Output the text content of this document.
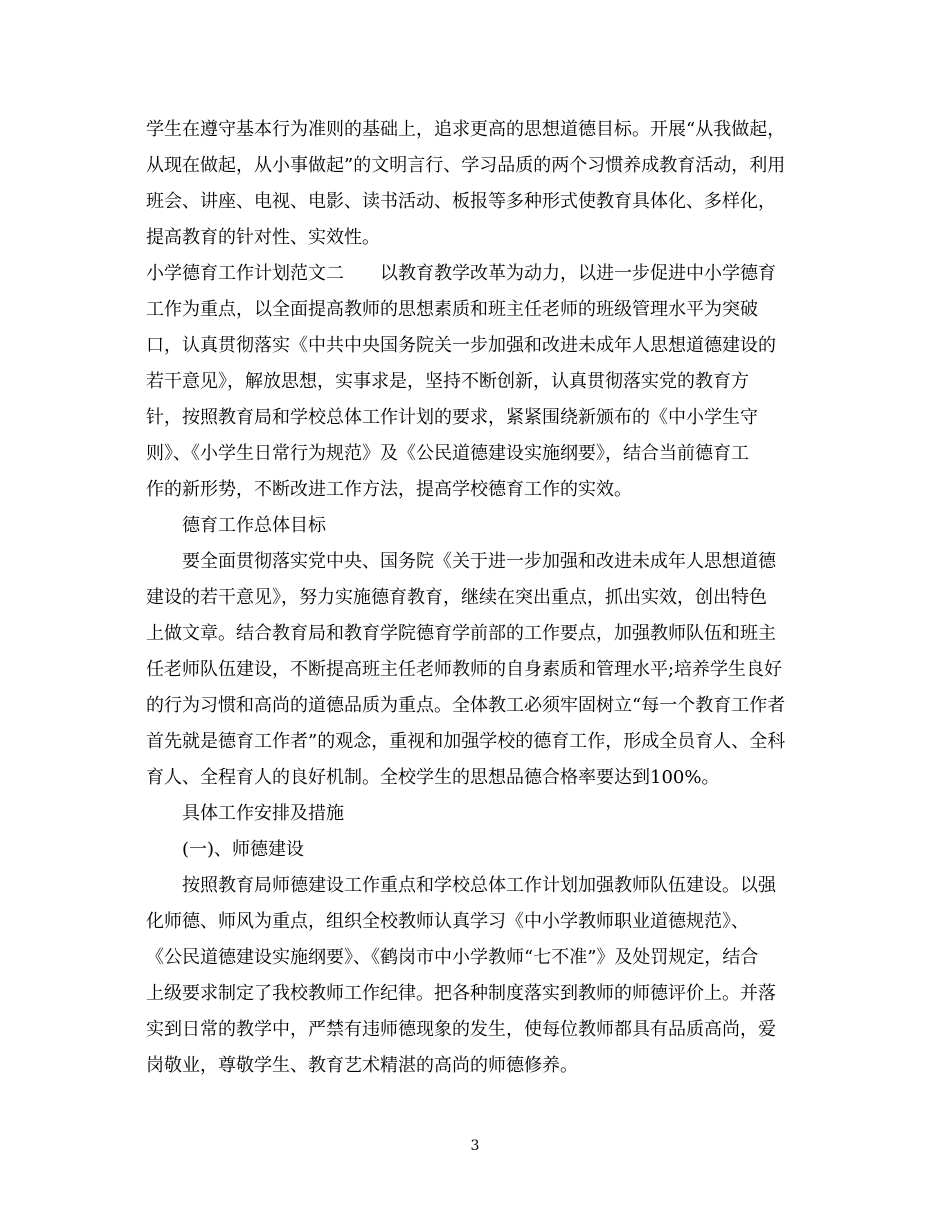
学生在遵守基本行为准则的基础上，追求更高的思想道德目标。开展“从我做起，
从现在做起，从小事做起”的文明言行、学习品质的两个习惯养成教育活动，利用
班会、讲座、电视、电影、读书活动、板报等多种形式使教育具体化、多样化，
提高教育的针对性、实效性。
小学德育工作计划范文二　　以教育教学改革为动力，以进一步促进中小学德育
工作为重点，以全面提高教师的思想素质和班主任老师的班级管理水平为突破
口，认真贯彻落实《中共中央国务院关一步加强和改进未成年人思想道德建设的
若干意见》，解放思想，实事求是，坚持不断创新，认真贯彻落实党的教育方
针，按照教育局和学校总体工作计划的要求，紧紧围绕新颁布的《中小学生守
则》、《小学生日常行为规范》及《公民道德建设实施纲要》，结合当前德育工
作的新形势，不断改进工作方法，提高学校德育工作的实效。
德育工作总体目标
要全面贯彻落实党中央、国务院《关于进一步加强和改进未成年人思想道德
建设的若干意见》，努力实施德育教育，继续在突出重点，抓出实效，创出特色
上做文章。结合教育局和教育学院德育学前部的工作要点，加强教师队伍和班主
任老师队伍建设，不断提高班主任老师教师的自身素质和管理水平;培养学生良好
的行为习惯和高尚的道德品质为重点。全体教工必须牢固树立“每一个教育工作者
首先就是德育工作者”的观念，重视和加强学校的德育工作，形成全员育人、全科
育人、全程育人的良好机制。全校学生的思想品德合格率要达到100%。
具体工作安排及措施
(一)、师德建设
按照教育局师德建设工作重点和学校总体工作计划加强教师队伍建设。以强
化师德、师风为重点，组织全校教师认真学习《中小学教师职业道德规范》、
《公民道德建设实施纲要》、《鹤岗市中小学教师“七不准”》及处罚规定，结合
上级要求制定了我校教师工作纪律。把各种制度落实到教师的师德评价上。并落
实到日常的教学中，严禁有违师德现象的发生，使每位教师都具有品质高尚，爱
岗敬业，尊敬学生、教育艺术精湛的高尚的师德修养。
3
